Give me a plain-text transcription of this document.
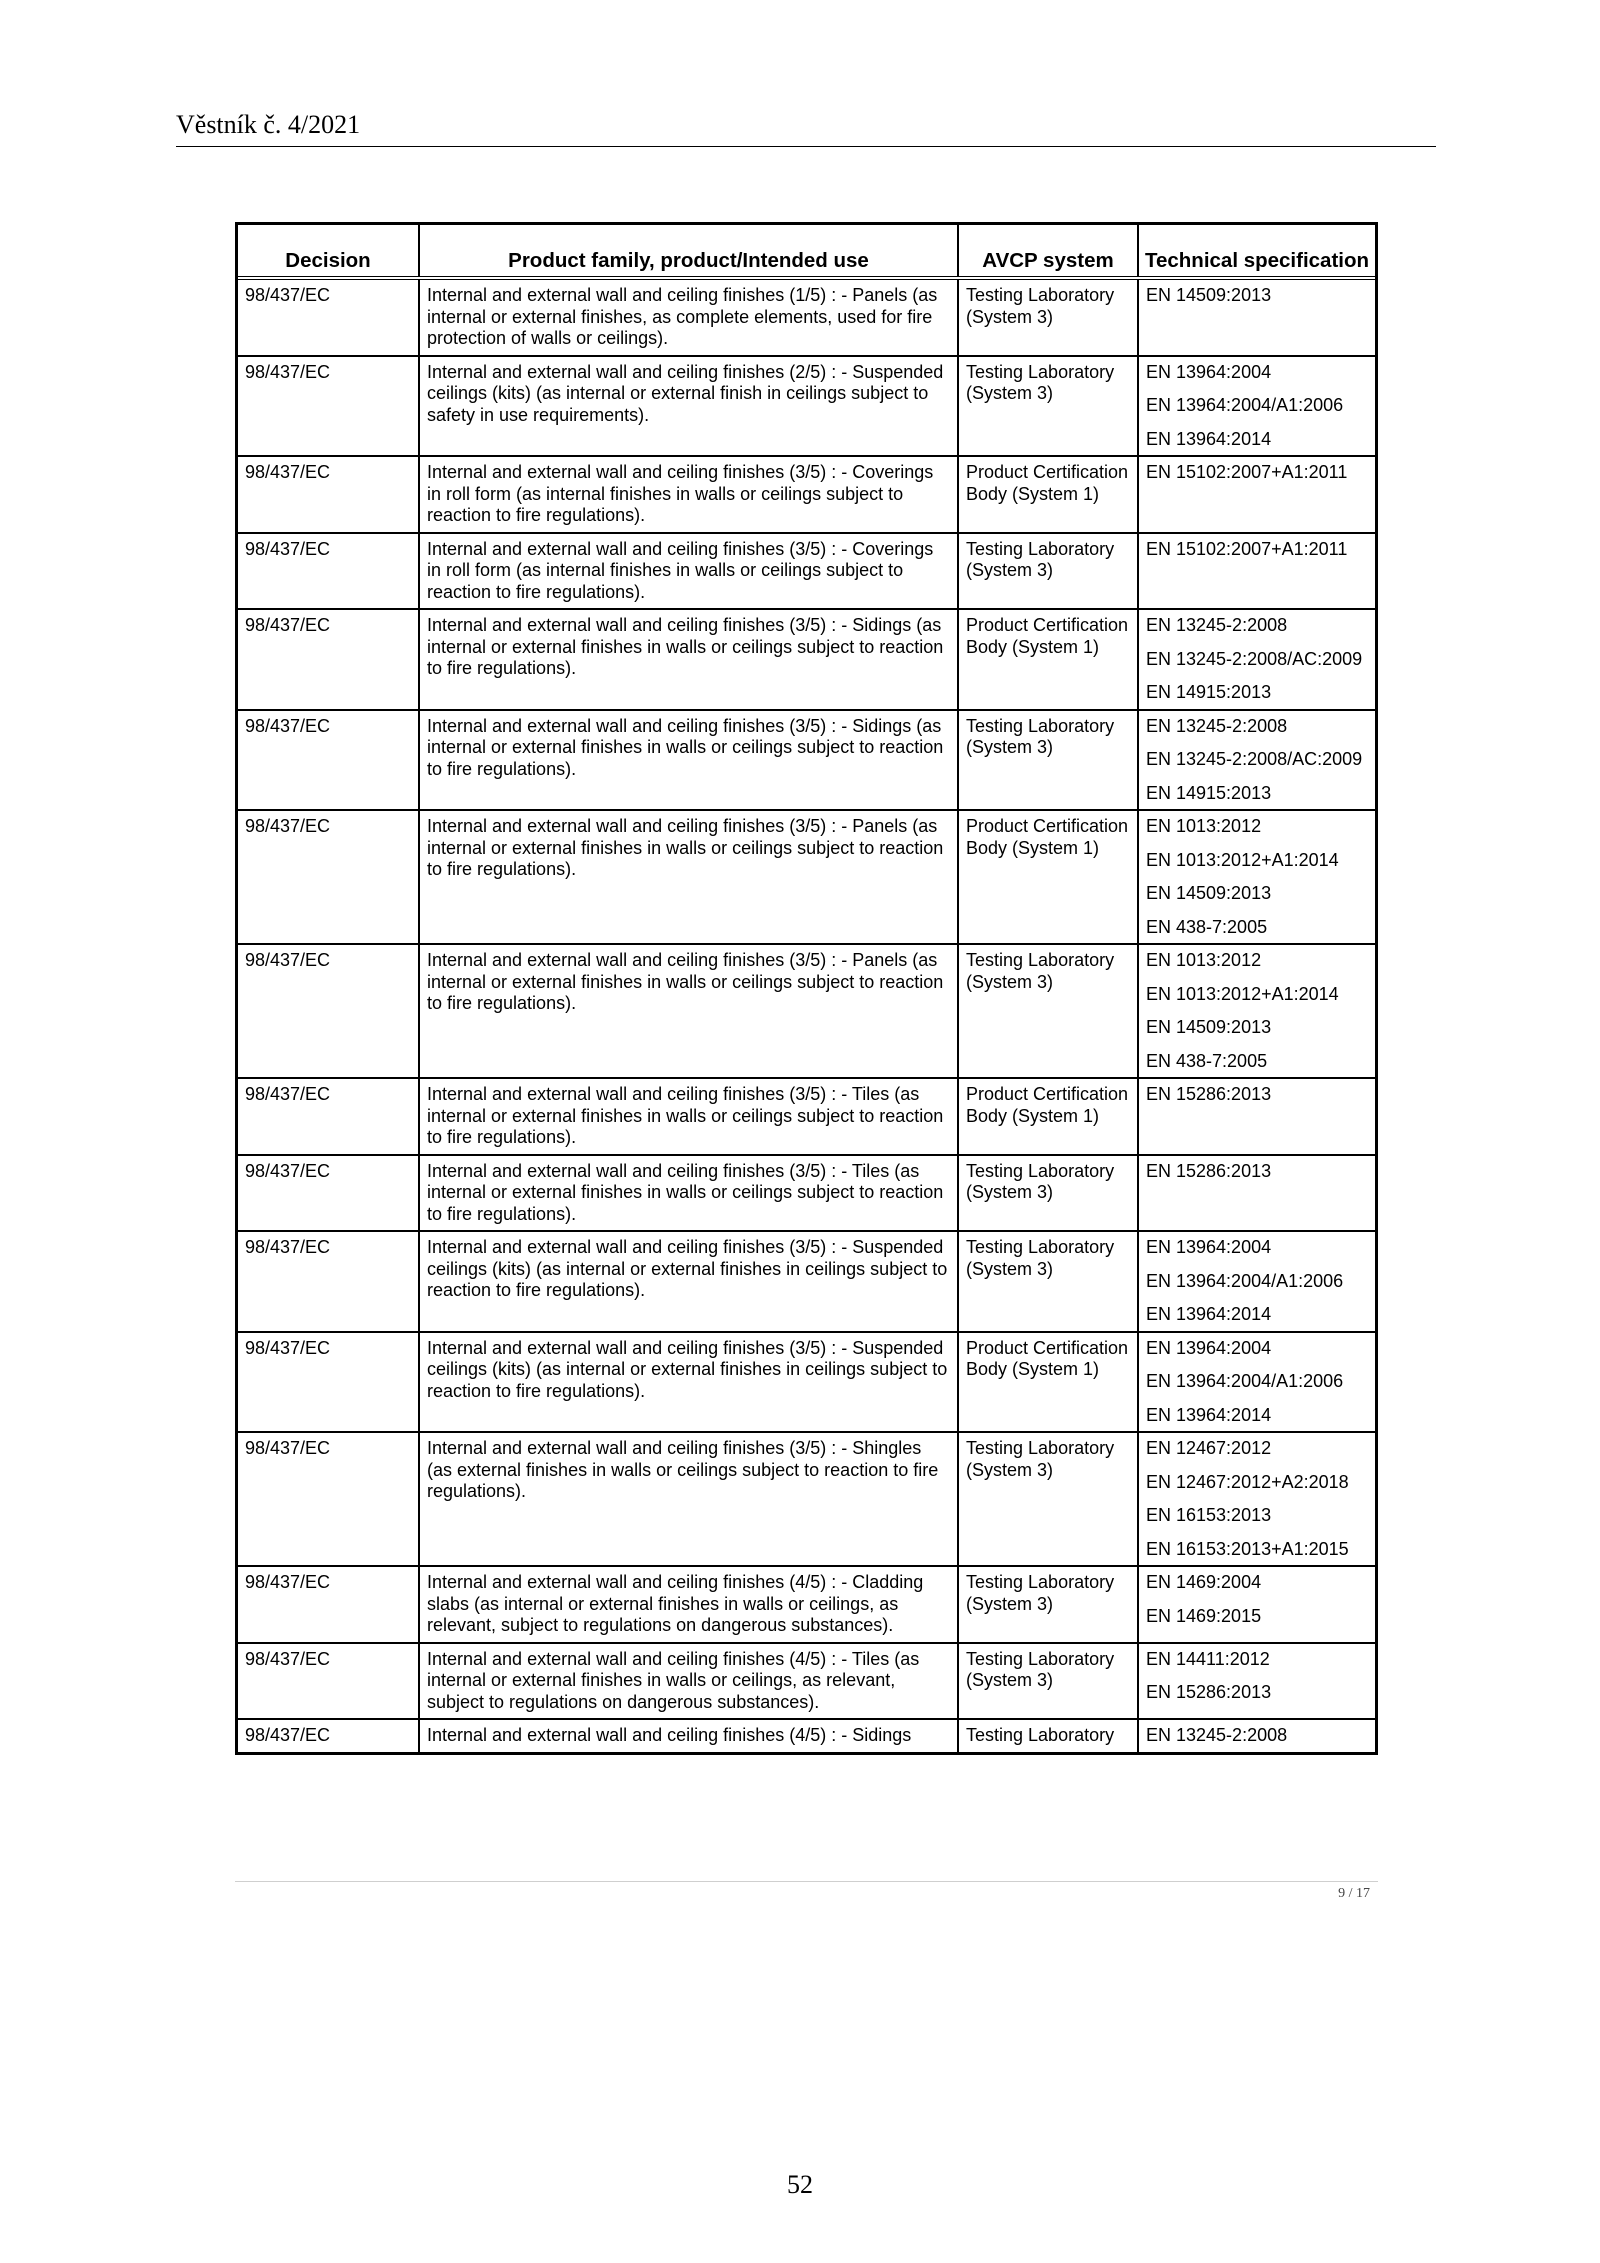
Věstník č. 4/2021
Decision	Product family, product/Intended use	AVCP system	Technical specification
98/437/EC	Internal and external wall and ceiling finishes (1/5) : - Panels (as internal or external finishes, as complete elements, used for fire protection of walls or ceilings).	Testing Laboratory (System 3)	EN 14509:2013

98/437/EC	Internal and external wall and ceiling finishes (2/5) : - Suspended ceilings (kits) (as internal or external finish in ceilings subject to safety in use requirements).	Testing Laboratory (System 3)	EN 13964:2004
EN 13964:2004/A1:2006
EN 13964:2014

98/437/EC	Internal and external wall and ceiling finishes (3/5) : - Coverings in roll form (as internal finishes in walls or ceilings subject to reaction to fire regulations).	Product Certification Body (System 1)	EN 15102:2007+A1:2011

98/437/EC	Internal and external wall and ceiling finishes (3/5) : - Coverings in roll form (as internal finishes in walls or ceilings subject to reaction to fire regulations).	Testing Laboratory (System 3)	EN 15102:2007+A1:2011

98/437/EC	Internal and external wall and ceiling finishes (3/5) : - Sidings (as internal or external finishes in walls or ceilings subject to reaction to fire regulations).	Product Certification Body (System 1)	EN 13245-2:2008
EN 13245-2:2008/AC:2009
EN 14915:2013

98/437/EC	Internal and external wall and ceiling finishes (3/5) : - Sidings (as internal or external finishes in walls or ceilings subject to reaction to fire regulations).	Testing Laboratory (System 3)	EN 13245-2:2008
EN 13245-2:2008/AC:2009
EN 14915:2013

98/437/EC	Internal and external wall and ceiling finishes (3/5) : - Panels (as internal or external finishes in walls or ceilings subject to reaction to fire regulations).	Product Certification Body (System 1)	EN 1013:2012
EN 1013:2012+A1:2014
EN 14509:2013
EN 438-7:2005

98/437/EC	Internal and external wall and ceiling finishes (3/5) : - Panels (as internal or external finishes in walls or ceilings subject to reaction to fire regulations).	Testing Laboratory (System 3)	EN 1013:2012
EN 1013:2012+A1:2014
EN 14509:2013
EN 438-7:2005

98/437/EC	Internal and external wall and ceiling finishes (3/5) : - Tiles (as internal or external finishes in walls or ceilings subject to reaction to fire regulations).	Product Certification Body (System 1)	EN 15286:2013

98/437/EC	Internal and external wall and ceiling finishes (3/5) : - Tiles (as internal or external finishes in walls or ceilings subject to reaction to fire regulations).	Testing Laboratory (System 3)	EN 15286:2013

98/437/EC	Internal and external wall and ceiling finishes (3/5) : - Suspended ceilings (kits) (as internal or external finishes in ceilings subject to reaction to fire regulations).	Testing Laboratory (System 3)	EN 13964:2004
EN 13964:2004/A1:2006
EN 13964:2014

98/437/EC	Internal and external wall and ceiling finishes (3/5) : - Suspended ceilings (kits) (as internal or external finishes in ceilings subject to reaction to fire regulations).	Product Certification Body (System 1)	EN 13964:2004
EN 13964:2004/A1:2006
EN 13964:2014

98/437/EC	Internal and external wall and ceiling finishes (3/5) : - Shingles (as external finishes in walls or ceilings subject to reaction to fire regulations).	Testing Laboratory (System 3)	EN 12467:2012
EN 12467:2012+A2:2018
EN 16153:2013
EN 16153:2013+A1:2015

98/437/EC	Internal and external wall and ceiling finishes (4/5) : - Cladding slabs (as internal or external finishes in walls or ceilings, as relevant, subject to regulations on dangerous substances).	Testing Laboratory (System 3)	EN 1469:2004
EN 1469:2015

98/437/EC	Internal and external wall and ceiling finishes (4/5) : - Tiles (as internal or external finishes in walls or ceilings, as relevant, subject to regulations on dangerous substances).	Testing Laboratory (System 3)	EN 14411:2012
EN 15286:2013

98/437/EC	Internal and external wall and ceiling finishes (4/5) : - Sidings	Testing Laboratory	EN 13245-2:2008
9 / 17
52
